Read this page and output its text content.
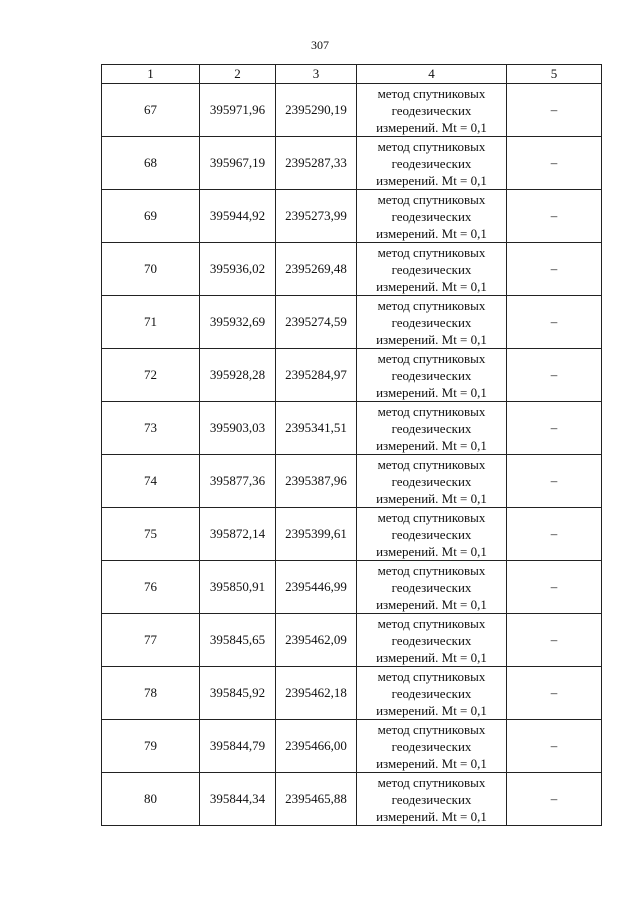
307
1	2	3	4	5
67	395971,96	2395290,19	метод спутниковых
геодезических
измерений. Mt = 0,1	–
68	395967,19	2395287,33	метод спутниковых
геодезических
измерений. Mt = 0,1	–
69	395944,92	2395273,99	метод спутниковых
геодезических
измерений. Mt = 0,1	–
70	395936,02	2395269,48	метод спутниковых
геодезических
измерений. Mt = 0,1	–
71	395932,69	2395274,59	метод спутниковых
геодезических
измерений. Mt = 0,1	–
72	395928,28	2395284,97	метод спутниковых
геодезических
измерений. Mt = 0,1	–
73	395903,03	2395341,51	метод спутниковых
геодезических
измерений. Mt = 0,1	–
74	395877,36	2395387,96	метод спутниковых
геодезических
измерений. Mt = 0,1	–
75	395872,14	2395399,61	метод спутниковых
геодезических
измерений. Mt = 0,1	–
76	395850,91	2395446,99	метод спутниковых
геодезических
измерений. Mt = 0,1	–
77	395845,65	2395462,09	метод спутниковых
геодезических
измерений. Mt = 0,1	–
78	395845,92	2395462,18	метод спутниковых
геодезических
измерений. Mt = 0,1	–
79	395844,79	2395466,00	метод спутниковых
геодезических
измерений. Mt = 0,1	–
80	395844,34	2395465,88	метод спутниковых
геодезических
измерений. Mt = 0,1	–
